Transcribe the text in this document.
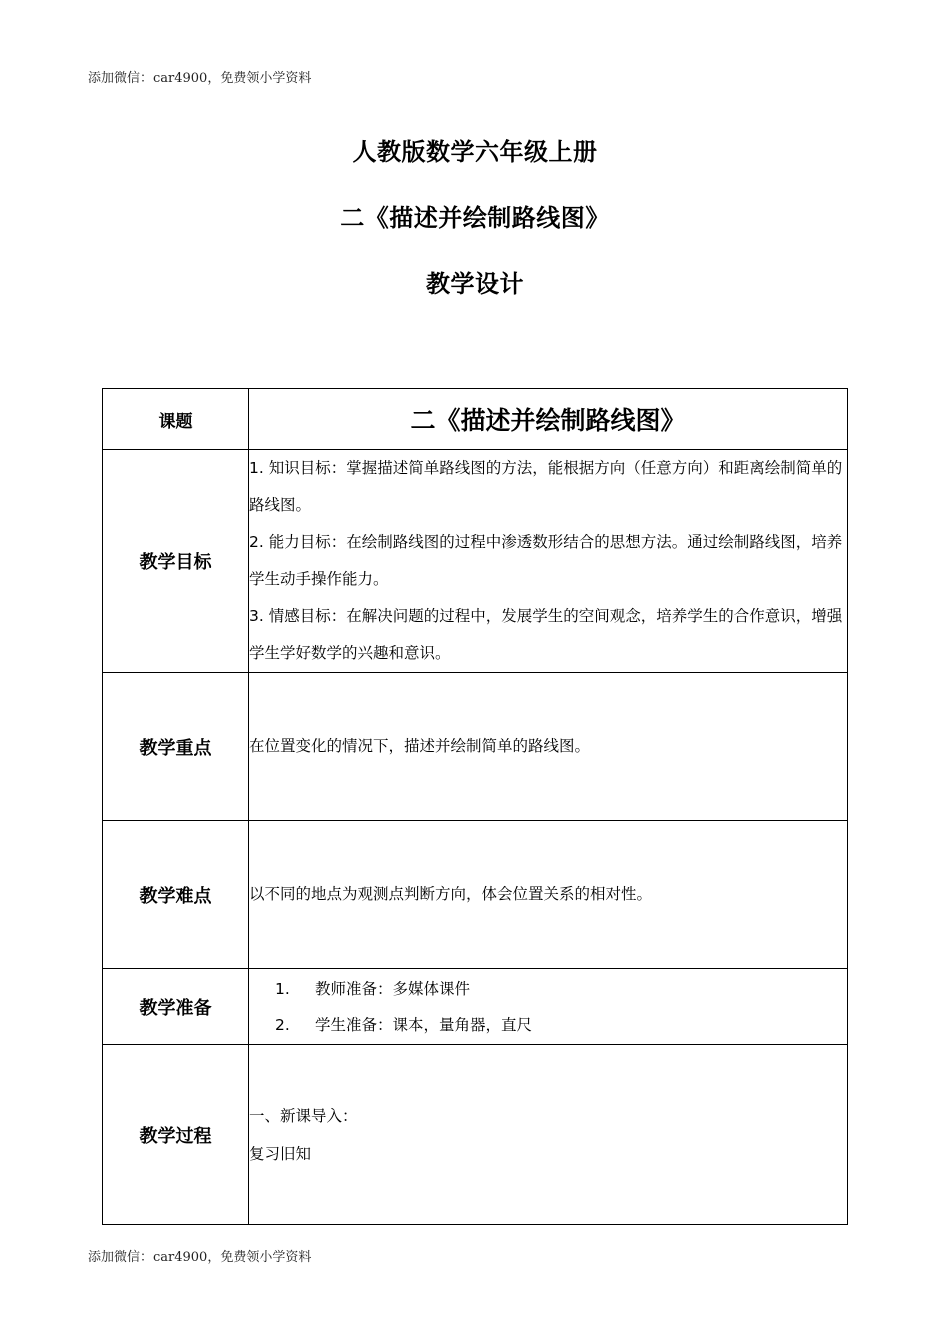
添加微信：car4900，免费领小学资料
人教版数学六年级上册
二《描述并绘制路线图》
教学设计
课题	二《描述并绘制路线图》
教学目标	1. 知识目标：掌握描述简单路线图的方法，能根据方向（任意方向）和距离绘制简单的路线图。

2. 能力目标：在绘制路线图的过程中渗透数形结合的思想方法。通过绘制路线图，培养学生动手操作能力。

3. 情感目标：在解决问题的过程中，发展学生的空间观念，培养学生的合作意识，增强学生学好数学的兴趣和意识。

教学重点	在位置变化的情况下，描述并绘制简单的路线图。
教学难点	以不同的地点为观测点判断方向，体会位置关系的相对性。
教学准备	1. 教师准备：多媒体课件
2. 学生准备：课本，量角器，直尺

教学过程	一、新课导入：

复习旧知

添加微信：car4900，免费领小学资料
